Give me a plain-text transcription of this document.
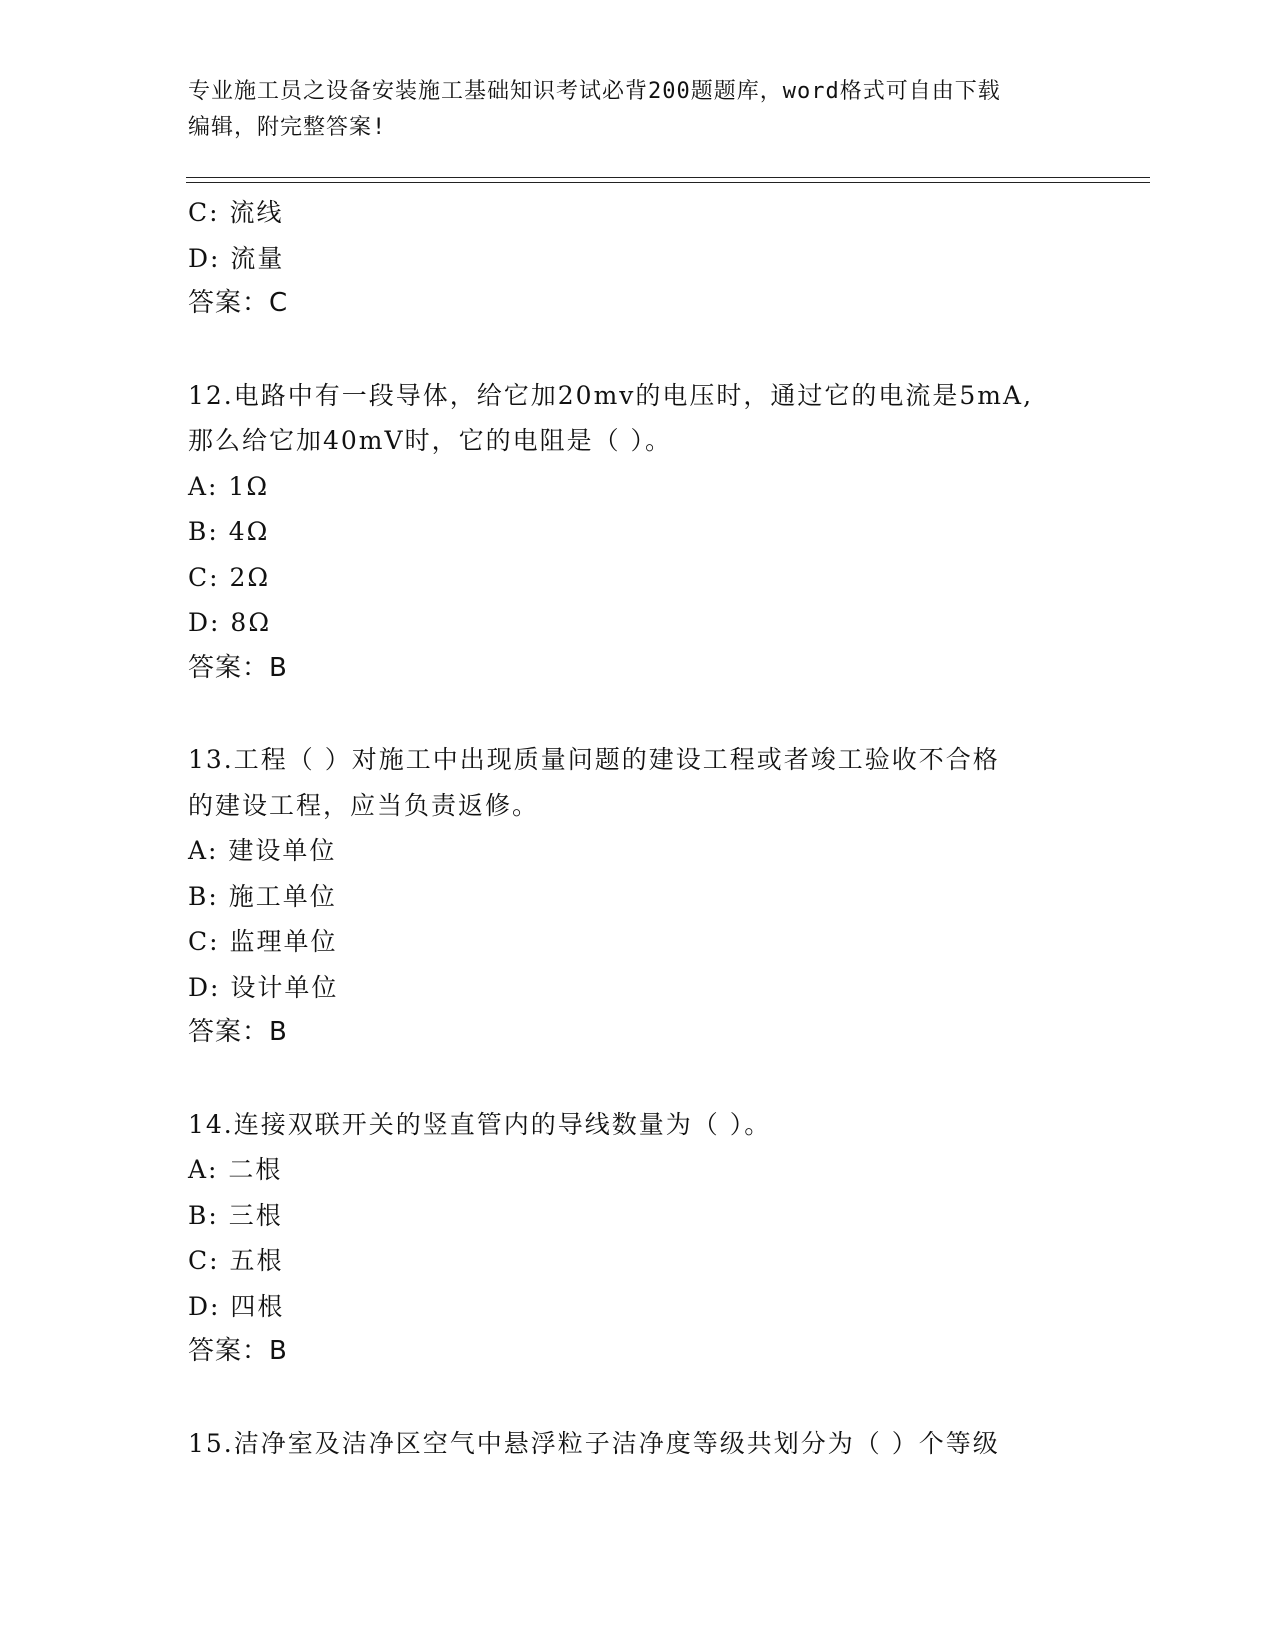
专业施工员之设备安装施工基础知识考试必背200题题库，word格式可自由下载
编辑，附完整答案!
C: 流线
D: 流量
答案：C
12.电路中有一段导体，给它加20mv的电压时，通过它的电流是5mA,
那么给它加40mV时，它的电阻是（ ）。
A: 1Ω
B: 4Ω
C: 2Ω
D: 8Ω
答案：B
13.工程（ ）对施工中出现质量问题的建设工程或者竣工验收不合格
的建设工程，应当负责返修。
A: 建设单位
B: 施工单位
C: 监理单位
D: 设计单位
答案：B
14.连接双联开关的竖直管内的导线数量为（ ）。
A: 二根
B: 三根
C: 五根
D: 四根
答案：B
15.洁净室及洁净区空气中悬浮粒子洁净度等级共划分为（ ）个等级
